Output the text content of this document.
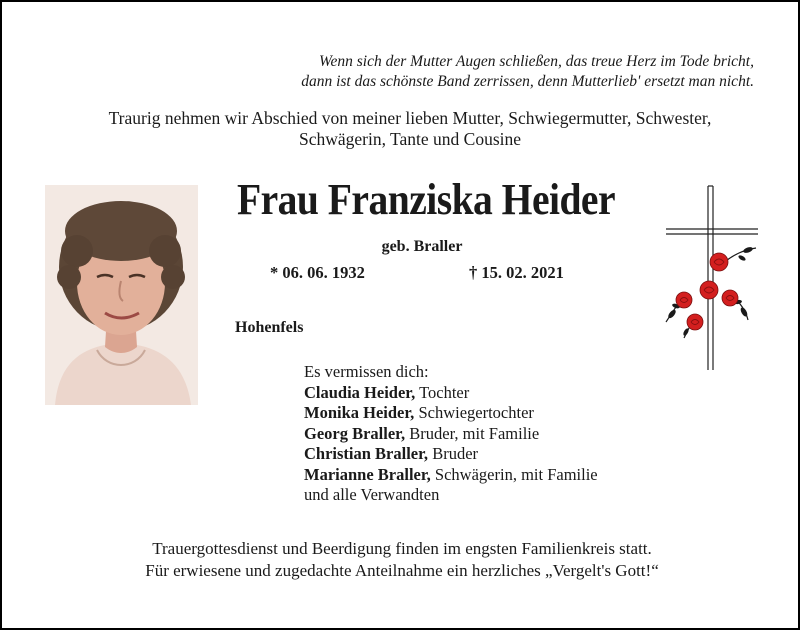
Wenn sich der Mutter Augen schließen, das treue Herz im Tode bricht,
dann ist das schönste Band zerrissen, denn Mutterlieb' ersetzt man nicht.
Traurig nehmen wir Abschied von meiner lieben Mutter, Schwiegermutter, Schwester,
Schwägerin, Tante und Cousine
Frau Franziska Heider
geb. Braller
* 06. 06. 1932	† 15. 02. 2021
Hohenfels
Es vermissen dich:
Claudia Heider, Tochter
Monika Heider, Schwiegertochter
Georg Braller, Bruder, mit Familie
Christian Braller, Bruder
Marianne Braller, Schwägerin, mit Familie
und alle Verwandten
Trauergottesdienst und Beerdigung finden im engsten Familienkreis statt.
Für erwiesene und zugedachte Anteilnahme ein herzliches „Vergelt's Gott!“
